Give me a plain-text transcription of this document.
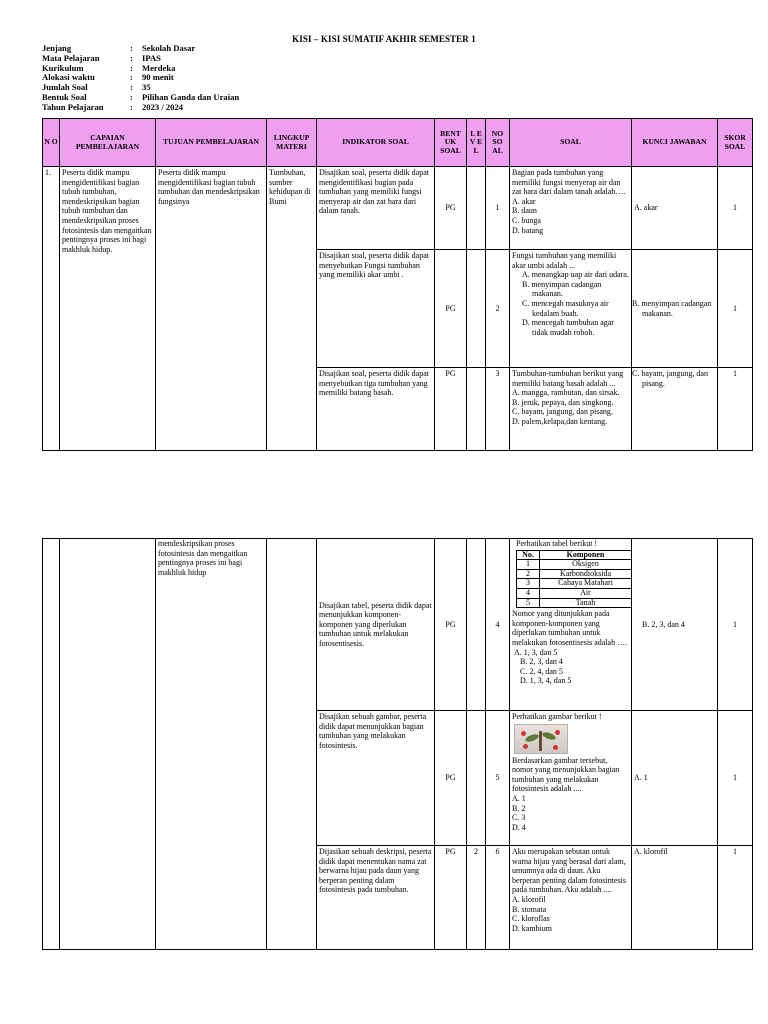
KISI – KISI SUMATIF AKHIR SEMESTER 1
Jenjang	: Sekolah Dasar
Mata Pelajaran	: IPAS
Kurikulum	: Merdeka
Alokasi waktu	: 90 menit
Jumlah Soal	: 35
Bentuk Soal	: Pilihan Ganda dan Uraian
Tahun Pelajaran	: 2023 / 2024
N O	CAPAIAN PEMBELAJARAN	TUJUAN PEMBELAJARAN	LINGKUP MATERI	INDIKATOR SOAL	BENT UK SOAL	L E V E L	NO SO AL	SOAL	KUNCI JAWABAN	SKOR SOAL
1.	Peserta didik mampu mengidentifikasi bagian tubuh tumbuhan, mendeskripsikan bagian tubuh tumbuhan dan mendeskripsikan proses fotosintesis dan mengaitkan pentingnya proses ini bagi makhluk hidup.	Peserta didik mampu mengidentifikasi bagian tubuh tumbuhan dan mendeskripsikan fungsinya	Tumbuhan, sumber kehidupan di Bumi	Disajikan soal, peserta didik dapat mengidentifikasi bagian pada tumbuhan yang memiliki fungsi menyerap air dan zat hara dari dalam tanah.	PG		1	Bagian pada tumbuhan yang memiliki fungsi menyerap air dan zat hara dari dalam tanah adalah….
A. akar
B. daun
C. bunga
D. batang	A. akar	1
				Disajikan soal, peserta didik dapat menyebutkan Fungsi tumbuhan yang memiliki akar umbi .	PG		2	Fungsi tumbuhan yang memiliki akar umbi adalah ...
A. menangkap uap air dari udara.
B. menyimpan cadangan makanan.
C. mencegah masuknya air kedalam buah.
D. mencegah tumbuhan agar tidak mudah roboh.	B. menyimpan cadangan makanan.	1
				Disajikan soal, peserta didik dapat menyebutkan tiga tumbuhan yang memiliki batang basah.	PG		3	Tumbuhan-tumbuhan berikut yang memiliki batang basah adalah ...
A. mangga, rambutan, dan sirsak.
B. jeruk, pepaya, dan singkong.
C. bayam, jangung, dan pisang.
D. palem,kelapa,dan kentang.	C. bayam, jangung, dan pisang.	1
		mendeskripsikan proses fotosintesis dan mengaitkan pentingnya proses ini bagi makhluk hidup		Disajikan tabel, peserta didik dapat menunjukkan komponen-komponen yang diperlukan tumbuhan untuk melakukan fotosentisesis.	PG		4	
Perhatikan tabel berikut !
No.	Komponen
1	Oksigen
2	Karbondioksida
3	Cahaya Matahari
4	Air
5	Tanah
Nomor yang ditunjukkan pada komponen-komponen yang diperlukan tumbuhan untuk melakukan fotosentisesis adalah ….
A. 1, 3, dan 5
B. 2, 3, dan 4
C. 2, 4, dan 5
D. 1, 3, 4, dan 5
	B. 2, 3, dan 4	1
Disajikan sebuah gambar, peserta didik dapat menunjukkan bagian tumbuhan yang melakukan fotosintesis.	PG		5	
Perhatikan gambar berikut !
Berdasarkan gambar tersebut, nomor yang menunjukkan bagian tumbuhan yang melakukan fotosintesis adalah ....
A. 1
B. 2
C. 3
D. 4
	A. 1	1
Dijasikan sebuah deskripsi, peserta didik dapat menentukan nama zat berwarna hijau pada daun yang berperan penting dalam fotosintesis pada tumbuhan.	PG	2	6	Aku merupakan sebutan untuk warna hijau yang berasal dari alam, umumnya ada di daun. Aku berperan penting dalam fotosintesis pada tumbuhan. Aku adalah ....
A. klorofil
B. stomata
C. kloroflas
D. kambium
	A. klorofil	1
